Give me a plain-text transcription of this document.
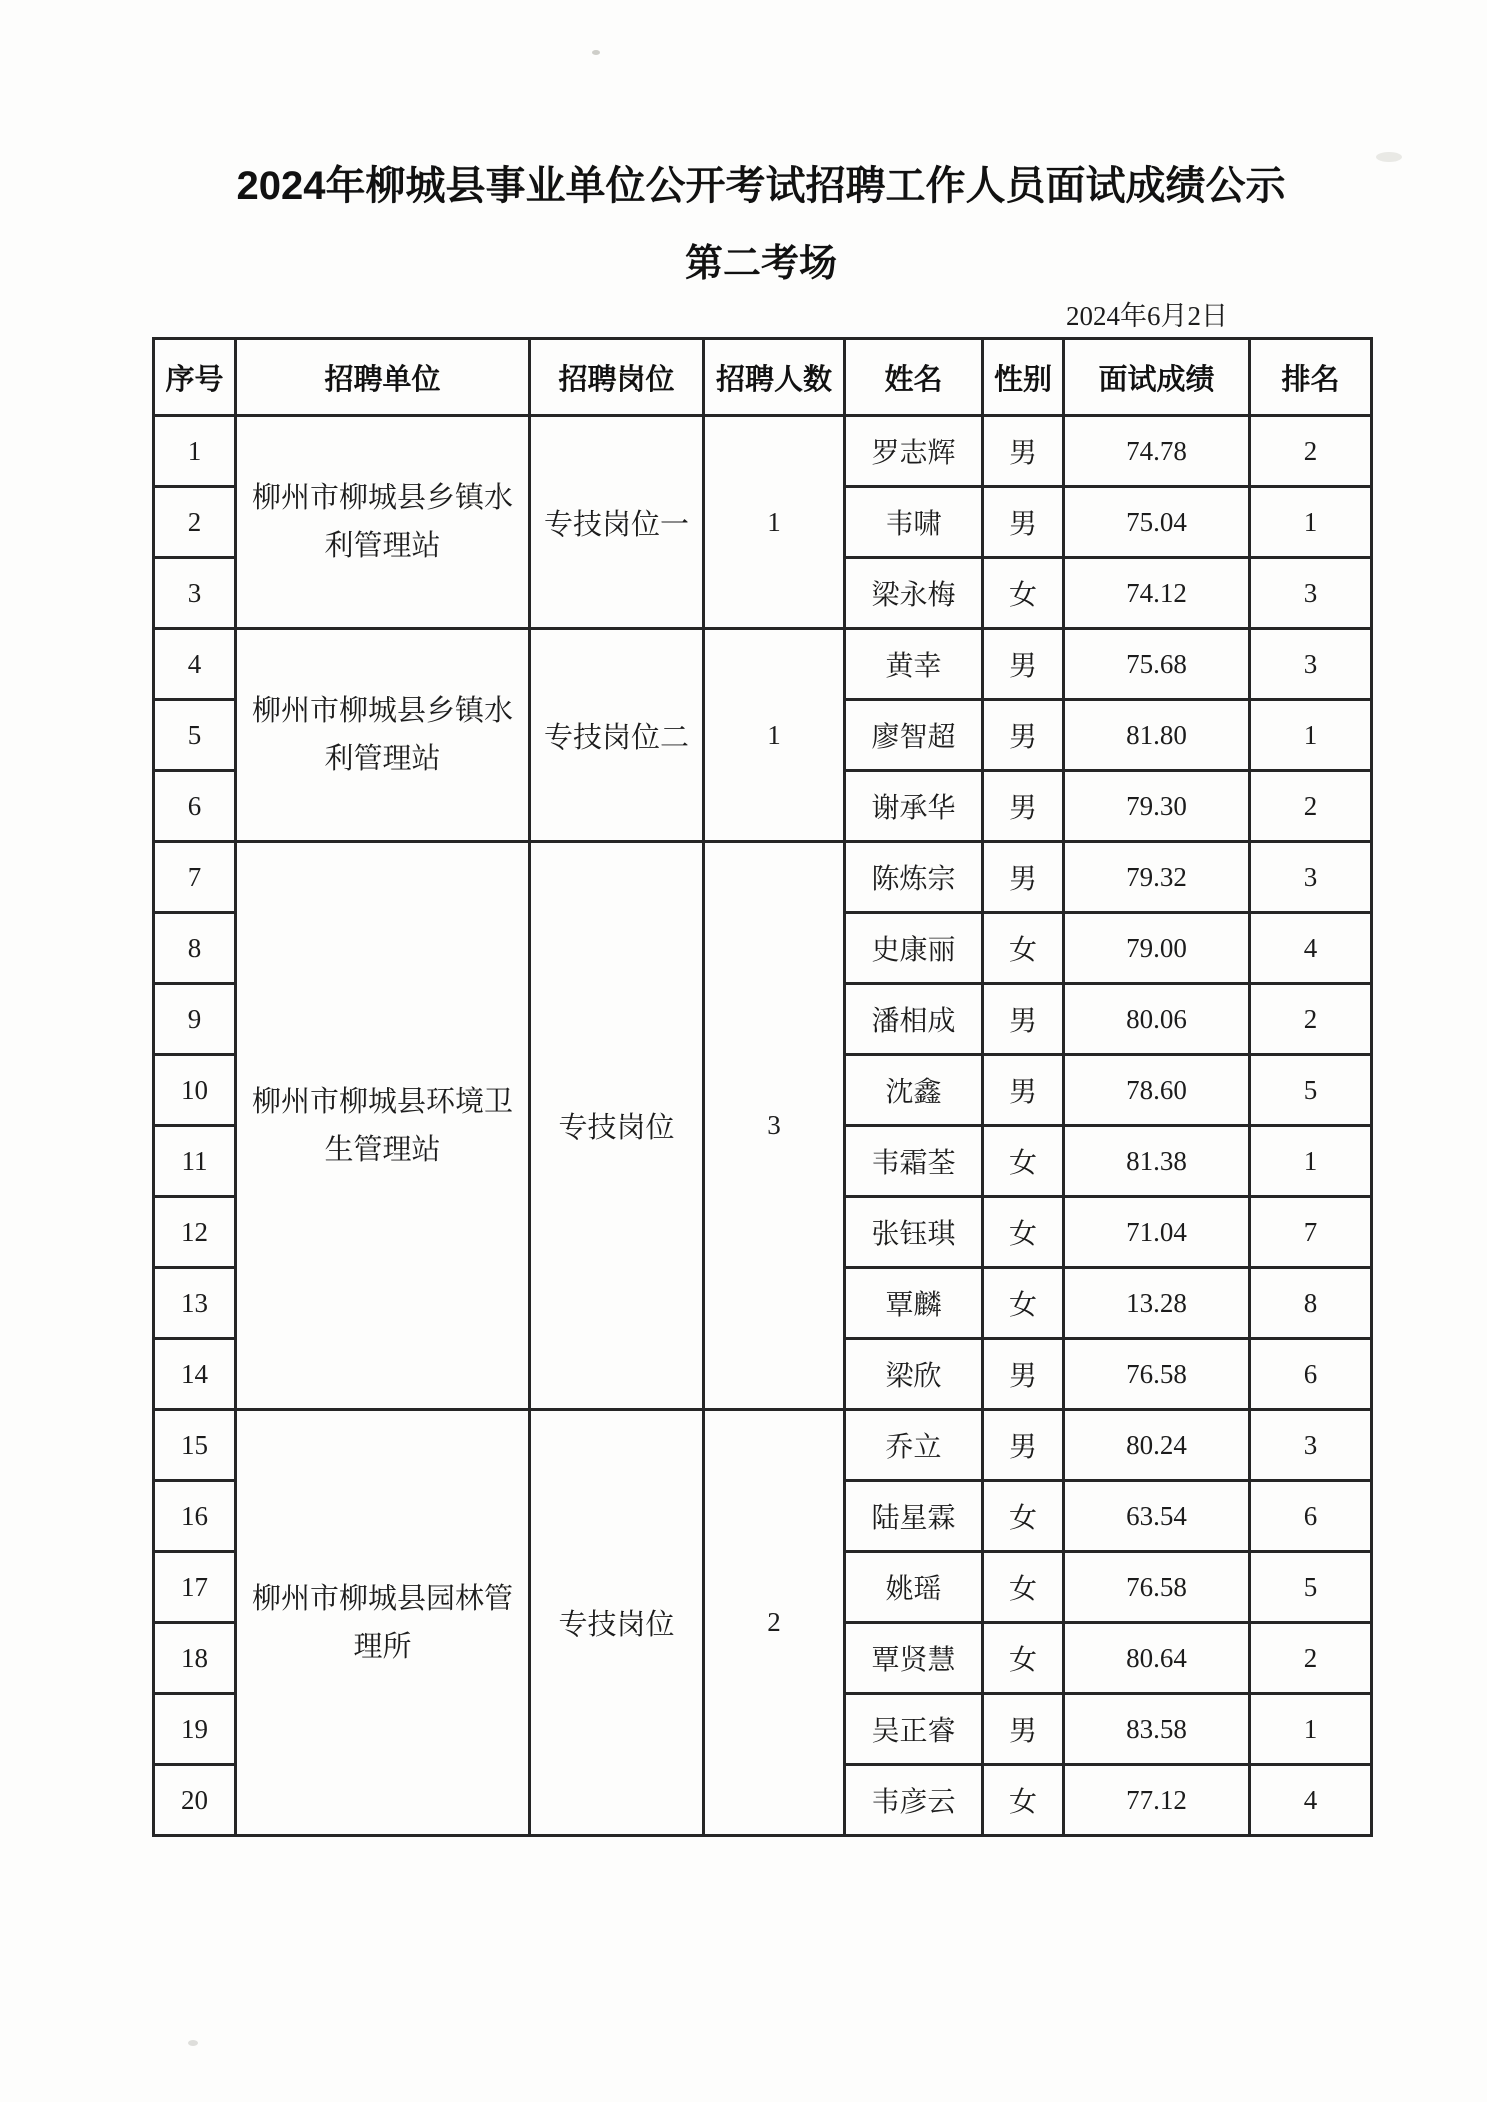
2024年柳城县事业单位公开考试招聘工作人员面试成绩公示
第二考场
2024年6月2日
序号	招聘单位	招聘岗位	招聘人数	姓名	性别	面试成绩	排名
1	柳州市柳城县乡镇水利管理站	专技岗位一	1	罗志辉	男	74.78	2
2				韦啸	男	75.04	1
3				梁永梅	女	74.12	3
4	柳州市柳城县乡镇水利管理站	专技岗位二	1	黄幸	男	75.68	3
5				廖智超	男	81.80	1
6				谢承华	男	79.30	2
7	柳州市柳城县环境卫生管理站	专技岗位	3	陈炼宗	男	79.32	3
8				史康丽	女	79.00	4
9				潘相成	男	80.06	2
10				沈鑫	男	78.60	5
11				韦霜荃	女	81.38	1
12				张钰琪	女	71.04	7
13				覃麟	女	13.28	8
14				梁欣	男	76.58	6
15	柳州市柳城县园林管理所	专技岗位	2	乔立	男	80.24	3
16				陆星霖	女	63.54	6
17				姚瑶	女	76.58	5
18				覃贤慧	女	80.64	2
19				吴正睿	男	83.58	1
20				韦彦云	女	77.12	4
